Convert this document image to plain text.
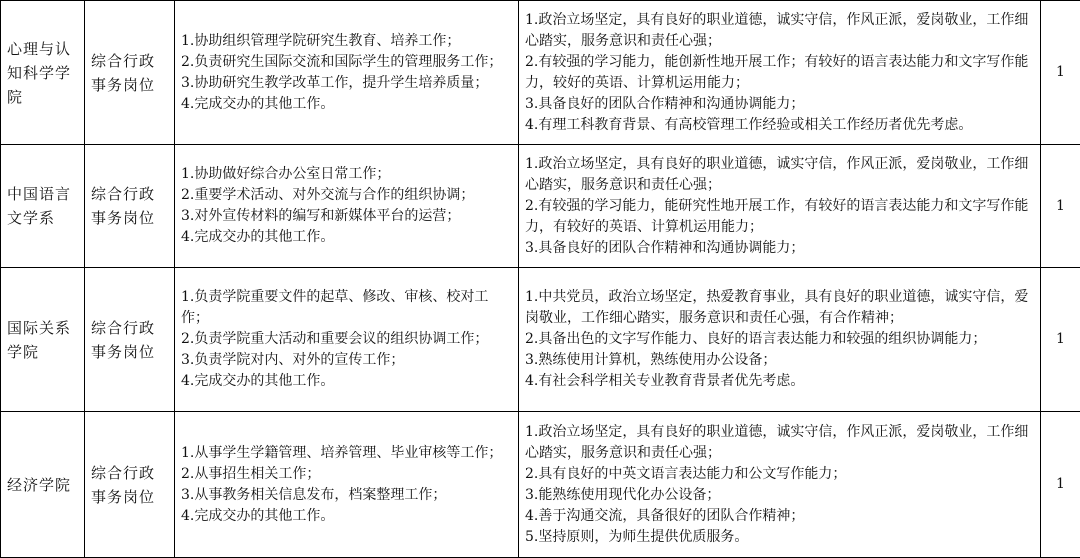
心理与认知科学学院	综合行政事务岗位	1.协助组织管理学院研究生教育、培养工作；
2.负责研究生国际交流和国际学生的管理服务工作；
3.协助研究生教学改革工作，提升学生培养质量；
4.完成交办的其他工作。	1.政治立场坚定，具有良好的职业道德，诚实守信，作风正派，爱岗敬业，工作细心踏实，服务意识和责任心强；
2.有较强的学习能力，能创新性地开展工作；有较好的语言表达能力和文字写作能力，较好的英语、计算机运用能力；
3.具备良好的团队合作精神和沟通协调能力；
4.有理工科教育背景、有高校管理工作经验或相关工作经历者优先考虑。	1
中国语言文学系	综合行政事务岗位	1.协助做好综合办公室日常工作；
2.重要学术活动、对外交流与合作的组织协调；
3.对外宣传材料的编写和新媒体平台的运营；
4.完成交办的其他工作。	1.政治立场坚定，具有良好的职业道德，诚实守信，作风正派，爱岗敬业，工作细心踏实，服务意识和责任心强；
2.有较强的学习能力，能研究性地开展工作，有较好的语言表达能力和文字写作能力，有较好的英语、计算机运用能力；
3.具备良好的团队合作精神和沟通协调能力；	1
国际关系学院	综合行政事务岗位	1.负责学院重要文件的起草、修改、审核、校对工作；
2.负责学院重大活动和重要会议的组织协调工作；
3.负责学院对内、对外的宣传工作；
4.完成交办的其他工作。	1.中共党员，政治立场坚定，热爱教育事业，具有良好的职业道德，诚实守信，爱岗敬业，工作细心踏实，服务意识和责任心强，有合作精神；
2.具备出色的文字写作能力、良好的语言表达能力和较强的组织协调能力；
3.熟练使用计算机，熟练使用办公设备；
4.有社会科学相关专业教育背景者优先考虑。	1
经济学院	综合行政事务岗位	1.从事学生学籍管理、培养管理、毕业审核等工作；
2.从事招生相关工作；
3.从事教务相关信息发布，档案整理工作；
4.完成交办的其他工作。	1.政治立场坚定，具有良好的职业道德，诚实守信，作风正派，爱岗敬业，工作细心踏实，服务意识和责任心强；
2.具有良好的中英文语言表达能力和公文写作能力；
3.能熟练使用现代化办公设备；
4.善于沟通交流，具备很好的团队合作精神；
5.坚持原则，为师生提供优质服务。	1
